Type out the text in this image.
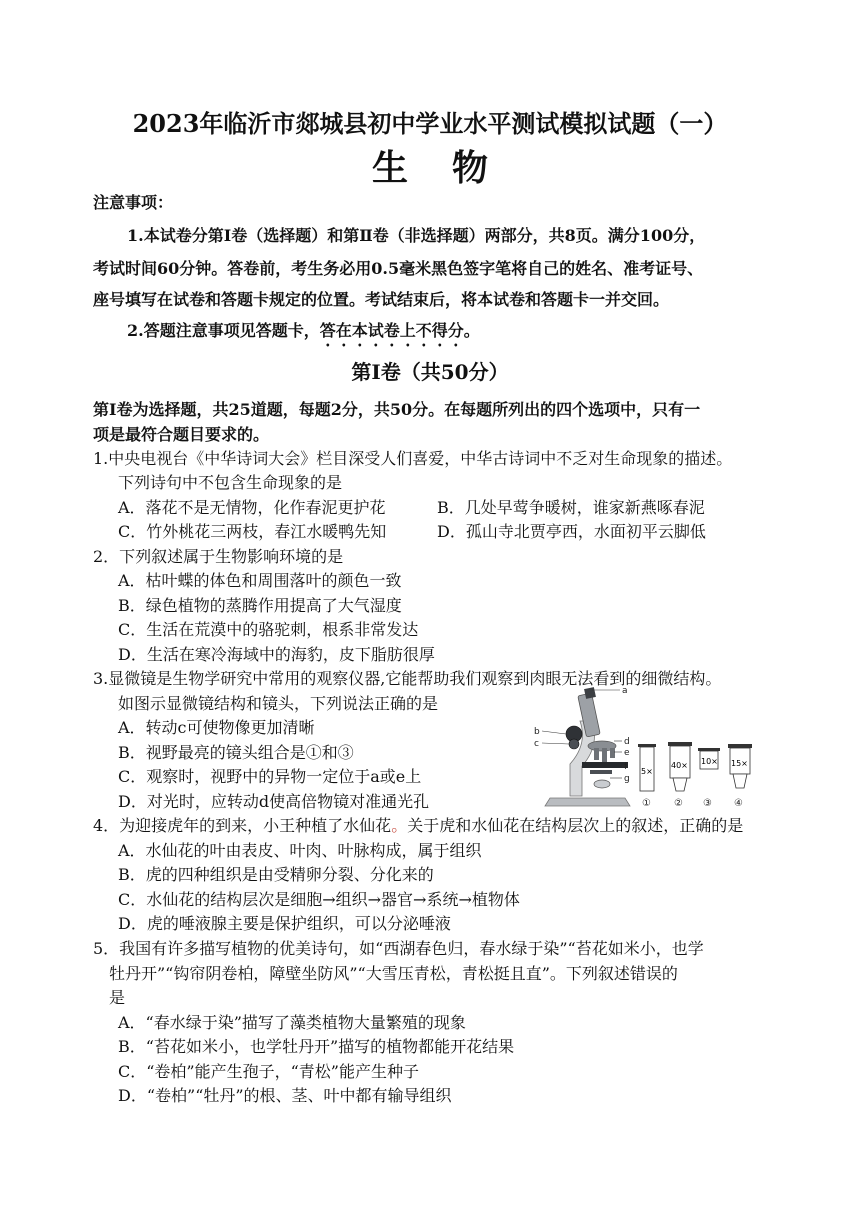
2023年临沂市郯城县初中学业水平测试模拟试题（一）
生物
注意事项：
1.本试卷分第Ⅰ卷（选择题）和第Ⅱ卷（非选择题）两部分，共8页。满分100分，
考试时间60分钟。答卷前，考生务必用0.5毫米黑色签字笔将自己的姓名、准考证号、
座号填写在试卷和答题卡规定的位置。考试结束后，将本试卷和答题卡一并交回。
2.答题注意事项见答题卡，答在本试卷上不得分。
第Ⅰ卷（共50分）
第Ⅰ卷为选择题，共25道题，每题2分，共50分。在每题所列出的四个选项中，只有一
项是最符合题目要求的。
1.中央电视台《中华诗词大会》栏目深受人们喜爱，中华古诗词中不乏对生命现象的描述。
下列诗句中不包含生命现象的是
A．落花不是无情物，化作春泥更护花	B．几处早莺争暖树，谁家新燕啄春泥
C．竹外桃花三两枝，春江水暖鸭先知	D．孤山寺北贾亭西，水面初平云脚低
2．下列叙述属于生物影响环境的是
A．枯叶蝶的体色和周围落叶的颜色一致
B．绿色植物的蒸腾作用提高了大气湿度
C．生活在荒漠中的骆驼刺，根系非常发达
D．生活在寒冷海域中的海豹，皮下脂肪很厚
3.显微镜是生物学研究中常用的观察仪器,它能帮助我们观察到肉眼无法看到的细微结构。
如图示显微镜结构和镜头，下列说法正确的是
A．转动c可使物像更加清晰
B．视野最亮的镜头组合是①和③
C．观察时，视野中的异物一定位于a或e上
D．对光时，应转动d使高倍物镜对准通光孔
a
b
c	d
e
f
g
5×
40× 10× 15×
① ② ③ ④
4．为迎接虎年的到来，小王种植了水仙花。关于虎和水仙花在结构层次上的叙述，正确的是
A．水仙花的叶由表皮、叶肉、叶脉构成，属于组织
B．虎的四种组织是由受精卵分裂、分化来的
C．水仙花的结构层次是细胞→组织→器官→系统→植物体
D．虎的唾液腺主要是保护组织，可以分泌唾液
5．我国有许多描写植物的优美诗句，如“西湖春色归，春水绿于染”“苔花如米小，也学
牡丹开”“钩帘阴卷柏，障壁坐防风”“大雪压青松，青松挺且直”。下列叙述错误的
是
A．“春水绿于染”描写了藻类植物大量繁殖的现象
B．“苔花如米小，也学牡丹开”描写的植物都能开花结果
C．“卷柏”能产生孢子，“青松”能产生种子
D．“卷柏”“牡丹”的根、茎、叶中都有输导组织
